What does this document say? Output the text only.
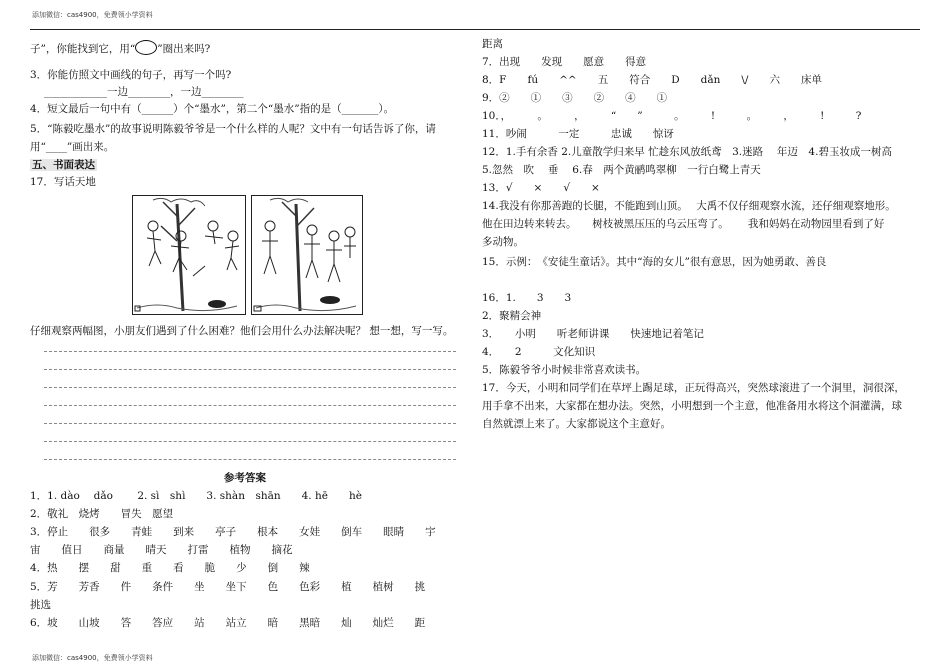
添加微信：cas4900，免费领小学资料
子”，你能找到它，用“○”圈出来吗?
3．你能仿照文中画线的句子，再写一个吗?
____________一边________，一边________
4．短文最后一句中有（______）个“墨水”，第二个“墨水”指的是（_______）。
5．“陈毅吃墨水”的故事说明陈毅爷爷是一个什么样的人呢？文中有一句话告诉了你，请
用“____”画出来。
五、书面表达
17．写话天地
仔细观察两幅图，小朋友们遇到了什么困难？他们会用什么办法解决呢？ 想一想，写一写。
参考答案
1．1. dào　 dǎo　　 2. sì　shì　　3. shàn　shān　　4. hē　　hè
2．敬礼　烧烤　　冒失　愿望
3．停止　　很多　　青蛙　　到来　　亭子　　根本　　女娃　　倒车　　眼睛　　宇
宙　　值日　　商量　　晴天　　打雷　　植物　　摘花
4．热　　摆　　甜　　重　　看　　脆　　少　　倒　　辣
5．芳　　芳香　　件　　条件　　坐　　坐下　　色　　色彩　　植　　植树　　挑
挑选
6．坡　　山坡　　答　　答应　　站　　站立　　暗　　黑暗　　灿　　灿烂　　距
距离
7．出现　　发现　　愿意　　得意
8．F　　fú　　^^　　五　　符合　　D　　dǎn　　\/　　六　　床单
9．②　　①　　③　　②　　④　　①
10．，　　　。　　　，　　　“　　”　　　。　　　!　　　。　　　，　　　!　　　?
11．吵闹　　　一定　　　忠诚　　惊讶
12．1.手有余香 2.儿童散学归来早 忙趁东风放纸鸢　3.迷路　 年迈　4.碧玉妆成一树高
5.忽然　吹　 垂　 6.春　两个黄鹂鸣翠柳　一行白鹭上青天
13．√　　×　　√　　×
14.我没有你那善跑的长腿，不能跑到山顶。　 大禹不仅仔细观察水流，还仔细观察地形。
他在田边转来转去。　　树枝被黑压压的乌云压弯了。　　 我和妈妈在动物园里看到了好
多动物。
15．示例：　《安徒生童话》。其中“海的女儿”很有意思，因为她勇敢、善良
16．1.　　3　　3
2．聚精会神
3．　　小明　　听老师讲课　　快速地记着笔记
4．　　2　　　文化知识
5．陈毅爷爷小时候非常喜欢读书。
17．今天，小明和同学们在草坪上踢足球，正玩得高兴，突然球滚进了一个洞里，洞很深，
用手拿不出来，大家都在想办法。突然，小明想到一个主意，他准备用水将这个洞灌满，球
自然就漂上来了。大家都说这个主意好。
添加微信：cas4900，免费领小学资料
